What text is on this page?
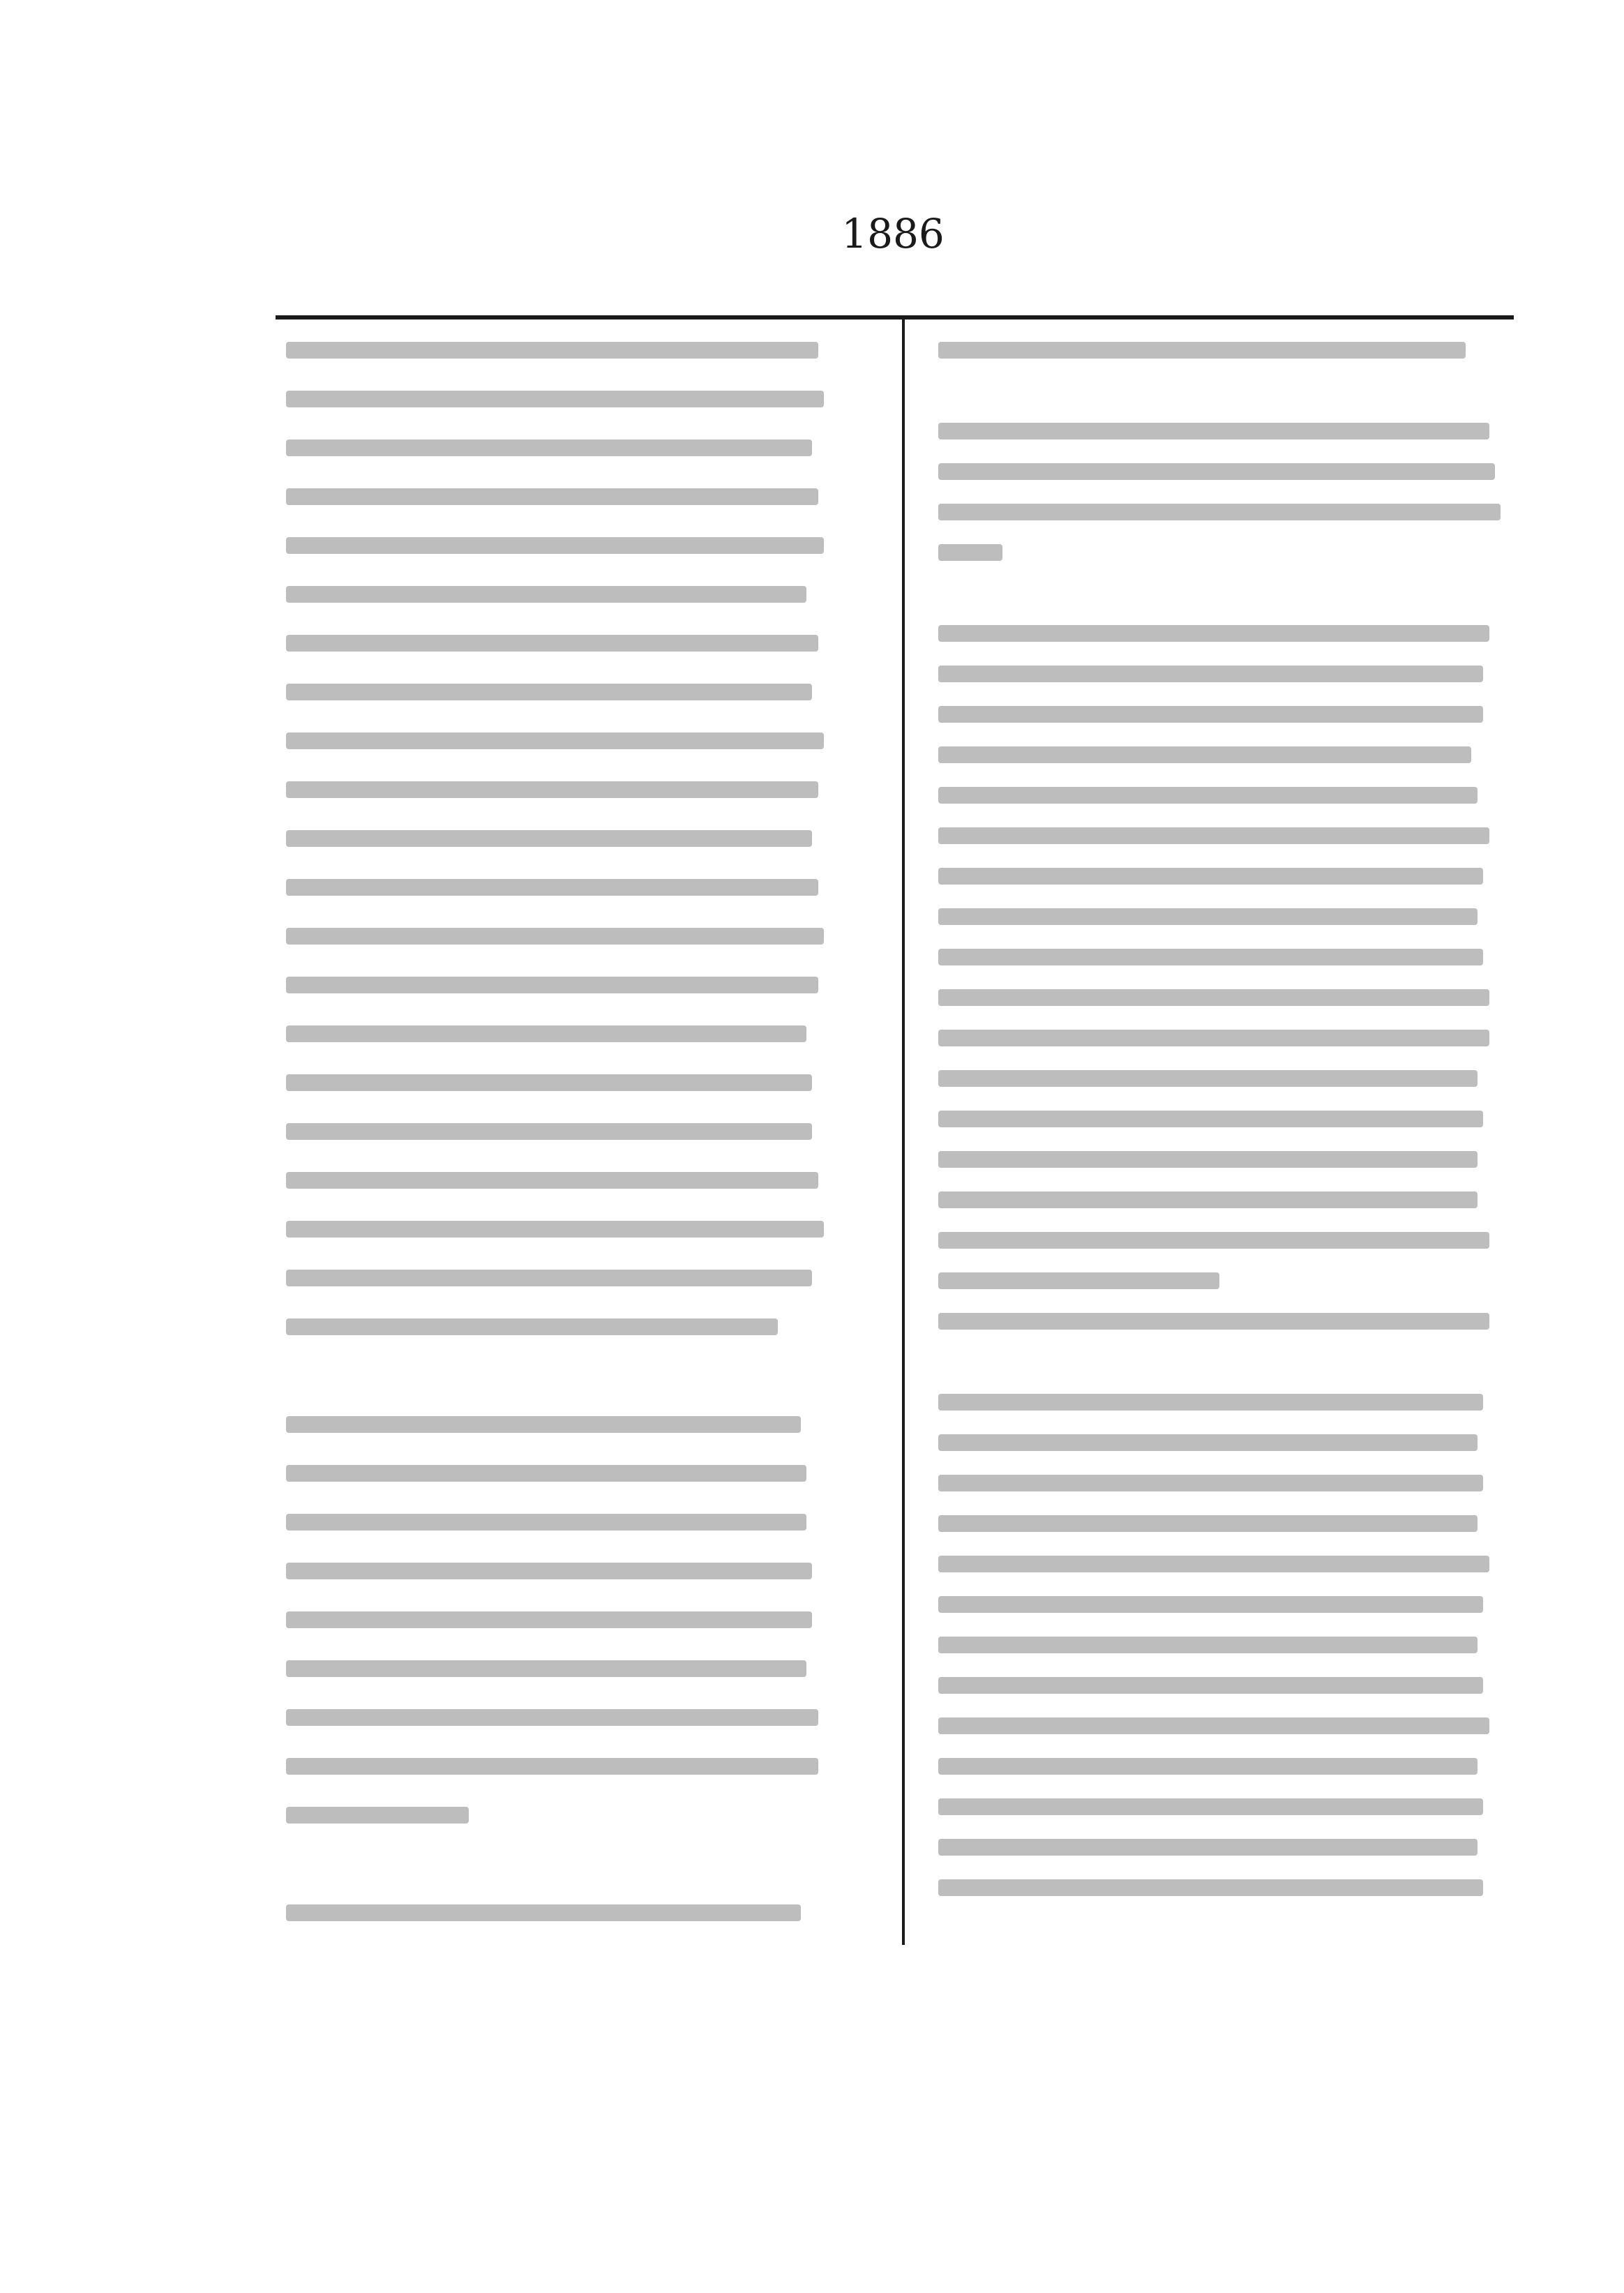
1886
